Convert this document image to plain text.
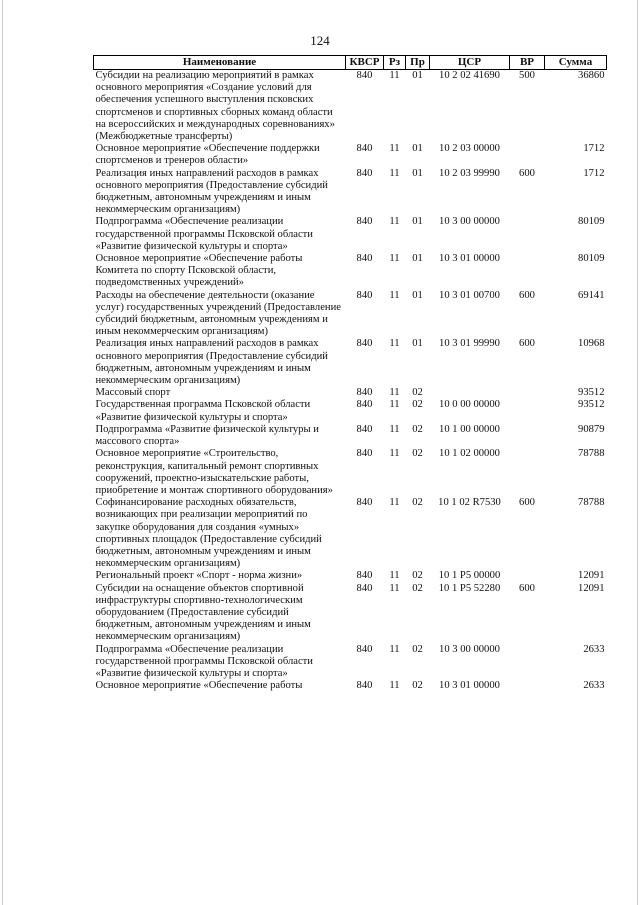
124
Наименование	КВСР	Рз	Пр	ЦСР	ВР	Сумма
Субсидии на реализацию мероприятий в рамках основного мероприятия «Создание условий для обеспечения успешного выступления псковских спортсменов и спортивных сборных команд области на всероссийских и международных соревнованиях» (Межбюджетные трансферты)	840	11	01	10 2 02 41690	500	36860
Основное мероприятие «Обеспечение поддержки спортсменов и тренеров области»	840	11	01	10 2 03 00000		1712
Реализация иных направлений расходов в рамках основного мероприятия (Предоставление субсидий бюджетным, автономным учреждениям и иным некоммерческим организациям)	840	11	01	10 2 03 99990	600	1712
Подпрограмма «Обеспечение реализации государственной программы Псковской области «Развитие физической культуры и спорта»	840	11	01	10 3 00 00000		80109
Основное мероприятие «Обеспечение работы Комитета по спорту Псковской области, подведомственных учреждений»	840	11	01	10 3 01 00000		80109
Расходы на обеспечение деятельности (оказание услуг) государственных учреждений (Предоставление субсидий бюджетным, автономным учреждениям и иным некоммерческим организациям)	840	11	01	10 3 01 00700	600	69141
Реализация иных направлений расходов в рамках основного мероприятия (Предоставление субсидий бюджетным, автономным учреждениям и иным некоммерческим организациям)	840	11	01	10 3 01 99990	600	10968
Массовый спорт	840	11	02			93512
Государственная программа Псковской области «Развитие физической культуры и спорта»	840	11	02	10 0 00 00000		93512
Подпрограмма «Развитие физической культуры и массового спорта»	840	11	02	10 1 00 00000		90879
Основное мероприятие «Строительство, реконструкция, капитальный ремонт спортивных сооружений, проектно-изыскательские работы, приобретение и монтаж спортивного оборудования»	840	11	02	10 1 02 00000		78788
Софинансирование расходных обязательств, возникающих при реализации мероприятий по закупке оборудования для создания «умных» спортивных площадок (Предоставление субсидий бюджетным, автономным учреждениям и иным некоммерческим организациям)	840	11	02	10 1 02 R7530	600	78788
Региональный проект «Спорт - норма жизни»	840	11	02	10 1 P5 00000		12091
Субсидии на оснащение объектов спортивной инфраструктуры спортивно-технологическим оборудованием (Предоставление субсидий бюджетным, автономным учреждениям и иным некоммерческим организациям)	840	11	02	10 1 P5 52280	600	12091
Подпрограмма «Обеспечение реализации государственной программы Псковской области «Развитие физической культуры и спорта»	840	11	02	10 3 00 00000		2633
Основное мероприятие «Обеспечение работы	840	11	02	10 3 01 00000		2633
